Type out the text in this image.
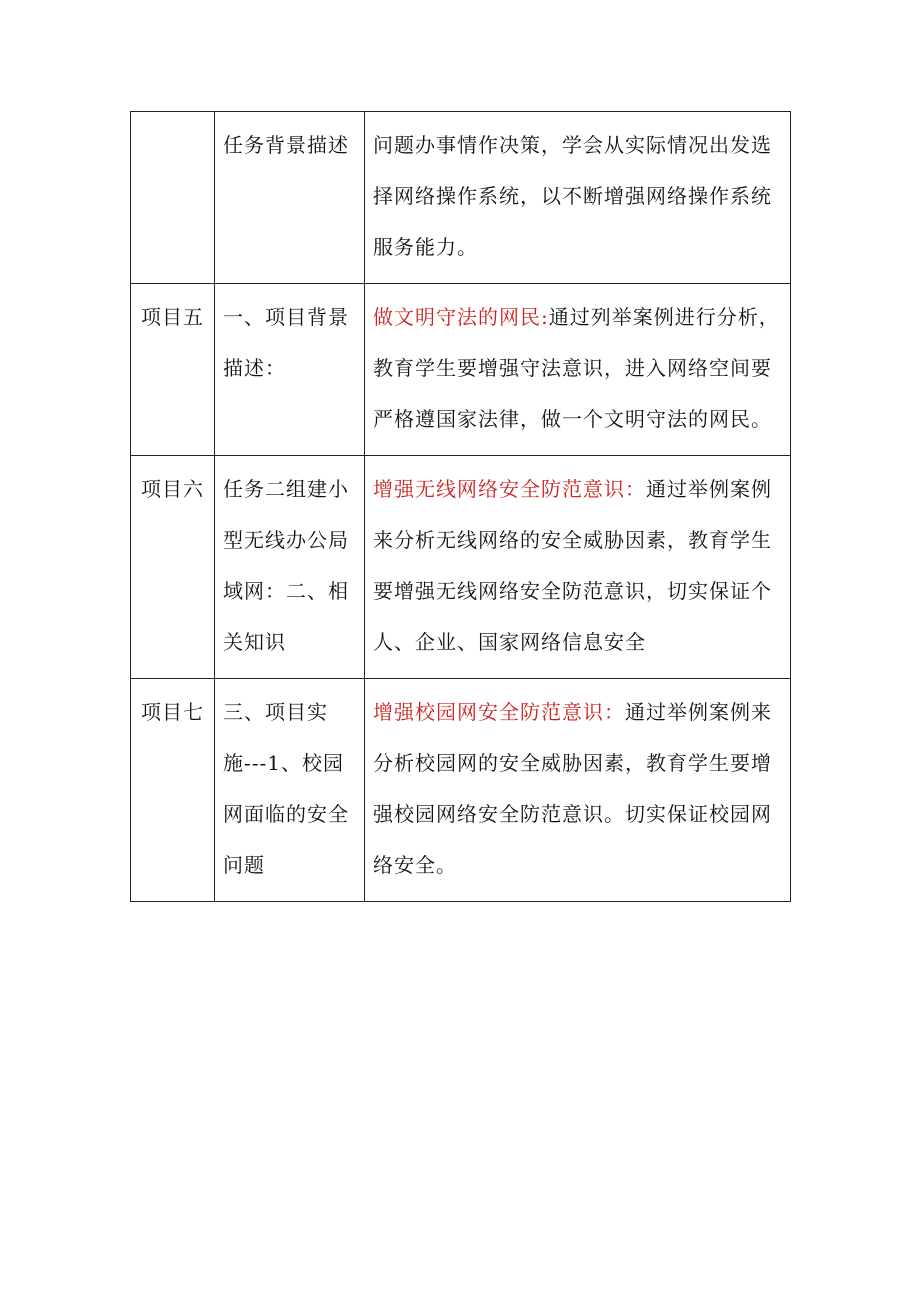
	任务背景描述	问题办事情作决策，学会从实际情况出发选择网络操作系统，以不断增强网络操作系统服务能力。
项目五	一、项目背景描述：	做文明守法的网民:通过列举案例进行分析，教育学生要增强守法意识，进入网络空间要严格遵国家法律，做一个文明守法的网民。
项目六	任务二组建小型无线办公局域网：二、相关知识	增强无线网络安全防范意识：通过举例案例来分析无线网络的安全威胁因素，教育学生要增强无线网络安全防范意识，切实保证个人、企业、国家网络信息安全
项目七	三、项目实施---1、校园网面临的安全问题	增强校园网安全防范意识：通过举例案例来分析校园网的安全威胁因素，教育学生要增强校园网络安全防范意识。切实保证校园网络安全。
